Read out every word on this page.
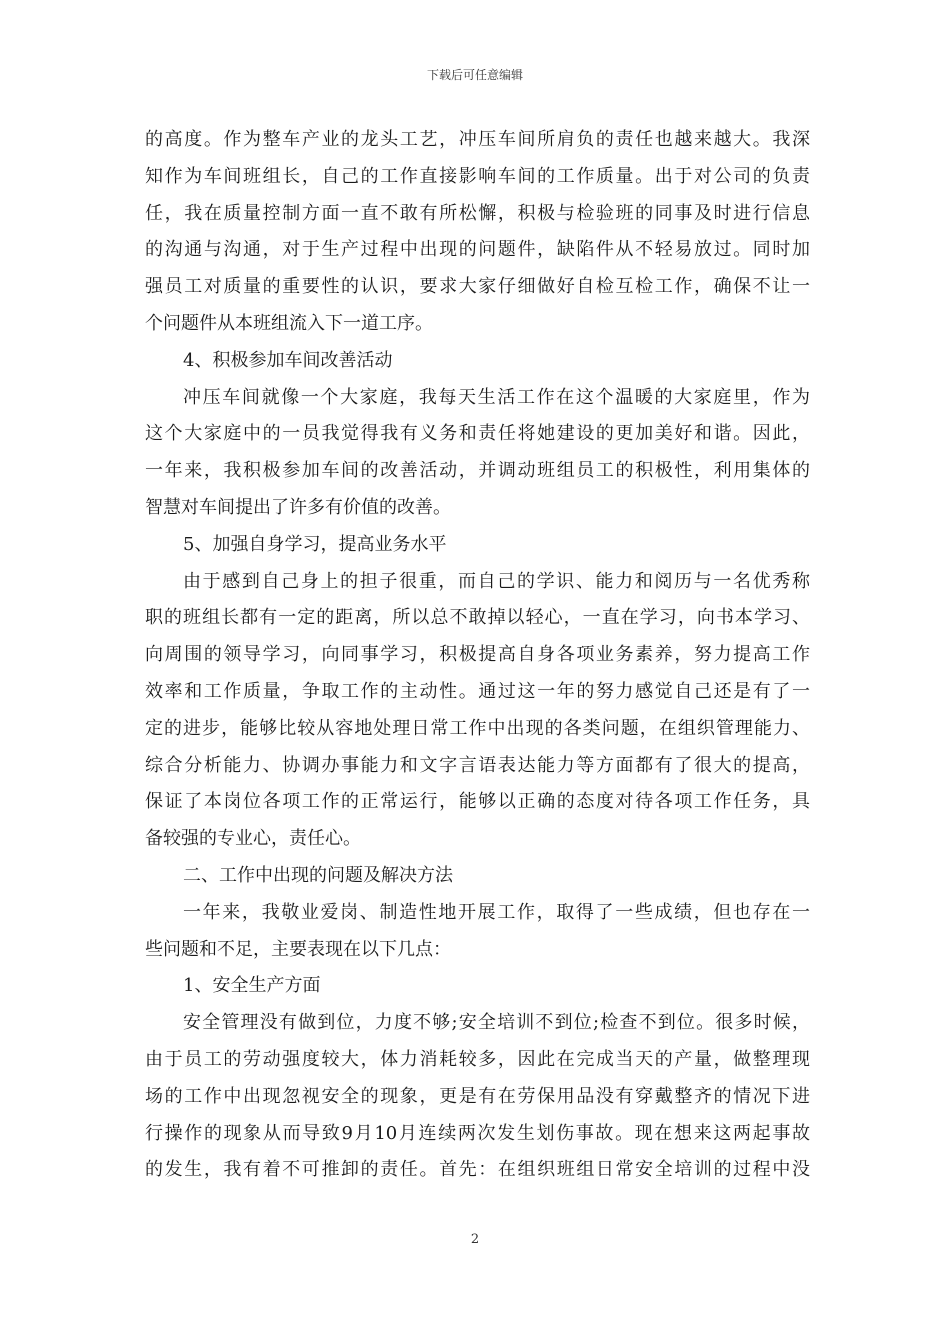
下载后可任意编辑
的高度。作为整车产业的龙头工艺，冲压车间所肩负的责任也越来越大。我深
知作为车间班组长，自己的工作直接影响车间的工作质量。出于对公司的负责
任，我在质量控制方面一直不敢有所松懈，积极与检验班的同事及时进行信息
的沟通与沟通，对于生产过程中出现的问题件，缺陷件从不轻易放过。同时加
强员工对质量的重要性的认识，要求大家仔细做好自检互检工作，确保不让一
个问题件从本班组流入下一道工序。
4、积极参加车间改善活动
冲压车间就像一个大家庭，我每天生活工作在这个温暖的大家庭里，作为
这个大家庭中的一员我觉得我有义务和责任将她建设的更加美好和谐。因此，
一年来，我积极参加车间的改善活动，并调动班组员工的积极性，利用集体的
智慧对车间提出了许多有价值的改善。
5、加强自身学习，提高业务水平
由于感到自己身上的担子很重，而自己的学识、能力和阅历与一名优秀称
职的班组长都有一定的距离，所以总不敢掉以轻心，一直在学习，向书本学习、
向周围的领导学习，向同事学习，积极提高自身各项业务素养，努力提高工作
效率和工作质量，争取工作的主动性。通过这一年的努力感觉自己还是有了一
定的进步，能够比较从容地处理日常工作中出现的各类问题，在组织管理能力、
综合分析能力、协调办事能力和文字言语表达能力等方面都有了很大的提高，
保证了本岗位各项工作的正常运行，能够以正确的态度对待各项工作任务，具
备较强的专业心，责任心。
二、工作中出现的问题及解决方法
一年来，我敬业爱岗、制造性地开展工作，取得了一些成绩，但也存在一
些问题和不足，主要表现在以下几点：
1、安全生产方面
安全管理没有做到位，力度不够;安全培训不到位;检查不到位。很多时候，
由于员工的劳动强度较大，体力消耗较多，因此在完成当天的产量，做整理现
场的工作中出现忽视安全的现象，更是有在劳保用品没有穿戴整齐的情况下进
行操作的现象从而导致9月10月连续两次发生划伤事故。现在想来这两起事故
的发生，我有着不可推卸的责任。首先：在组织班组日常安全培训的过程中没
2
